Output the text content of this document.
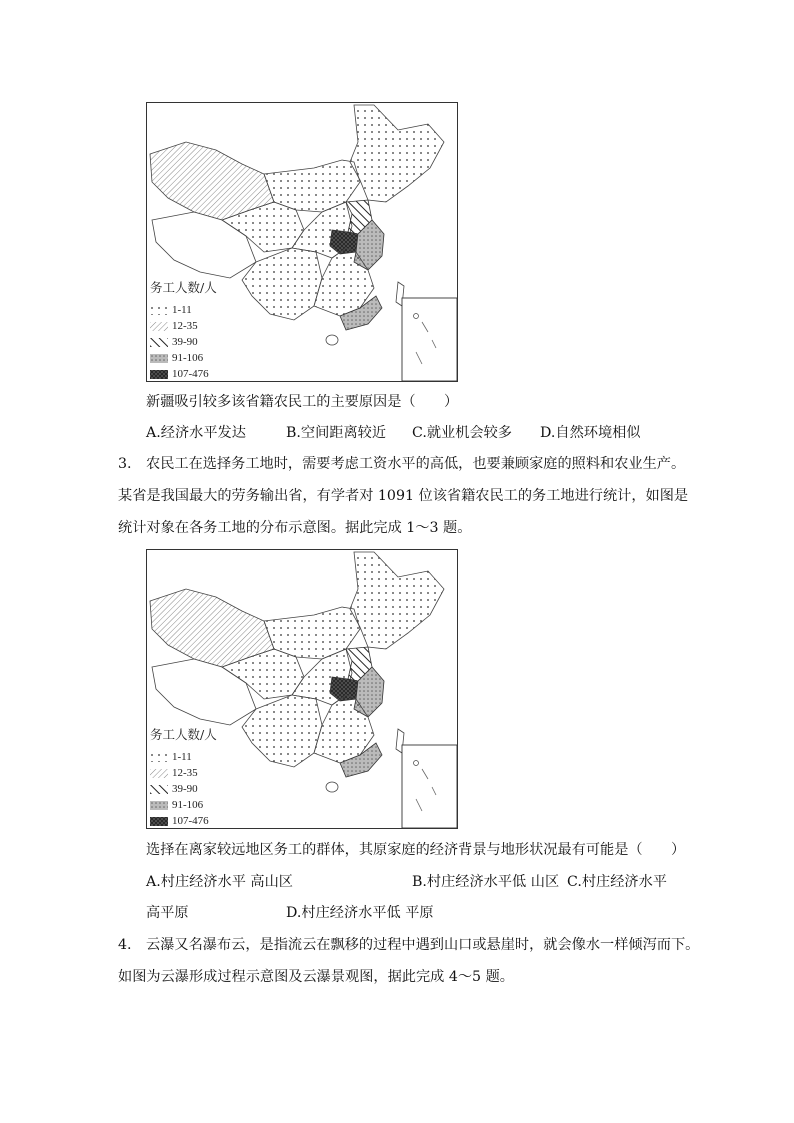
务工人数/人
1-11
12-35
39-90
91-106
107-476
新疆吸引较多该省籍农民工的主要原因是（　　）
A.经济水平发达	B.空间距离较近 C.就业机会较多 D.自然环境相似
3. 农民工在选择务工地时，需要考虑工资水平的高低，也要兼顾家庭的照料和农业生产。
某省是我国最大的劳务输出省，有学者对 1091 位该省籍农民工的务工地进行统计，如图是
统计对象在各务工地的分布示意图。据此完成 1～3 题。
务工人数/人
1-11
12-35
39-90
91-106
107-476
选择在离家较远地区务工的群体，其原家庭的经济背景与地形状况最有可能是（　　）
A.村庄经济水平 高山区	B.村庄经济水平低 山区 C.村庄经济水平
高平原	D.村庄经济水平低 平原
4. 云瀑又名瀑布云，是指流云在飘移的过程中遇到山口或悬崖时，就会像水一样倾泻而下。
如图为云瀑形成过程示意图及云瀑景观图，据此完成 4～5 题。
